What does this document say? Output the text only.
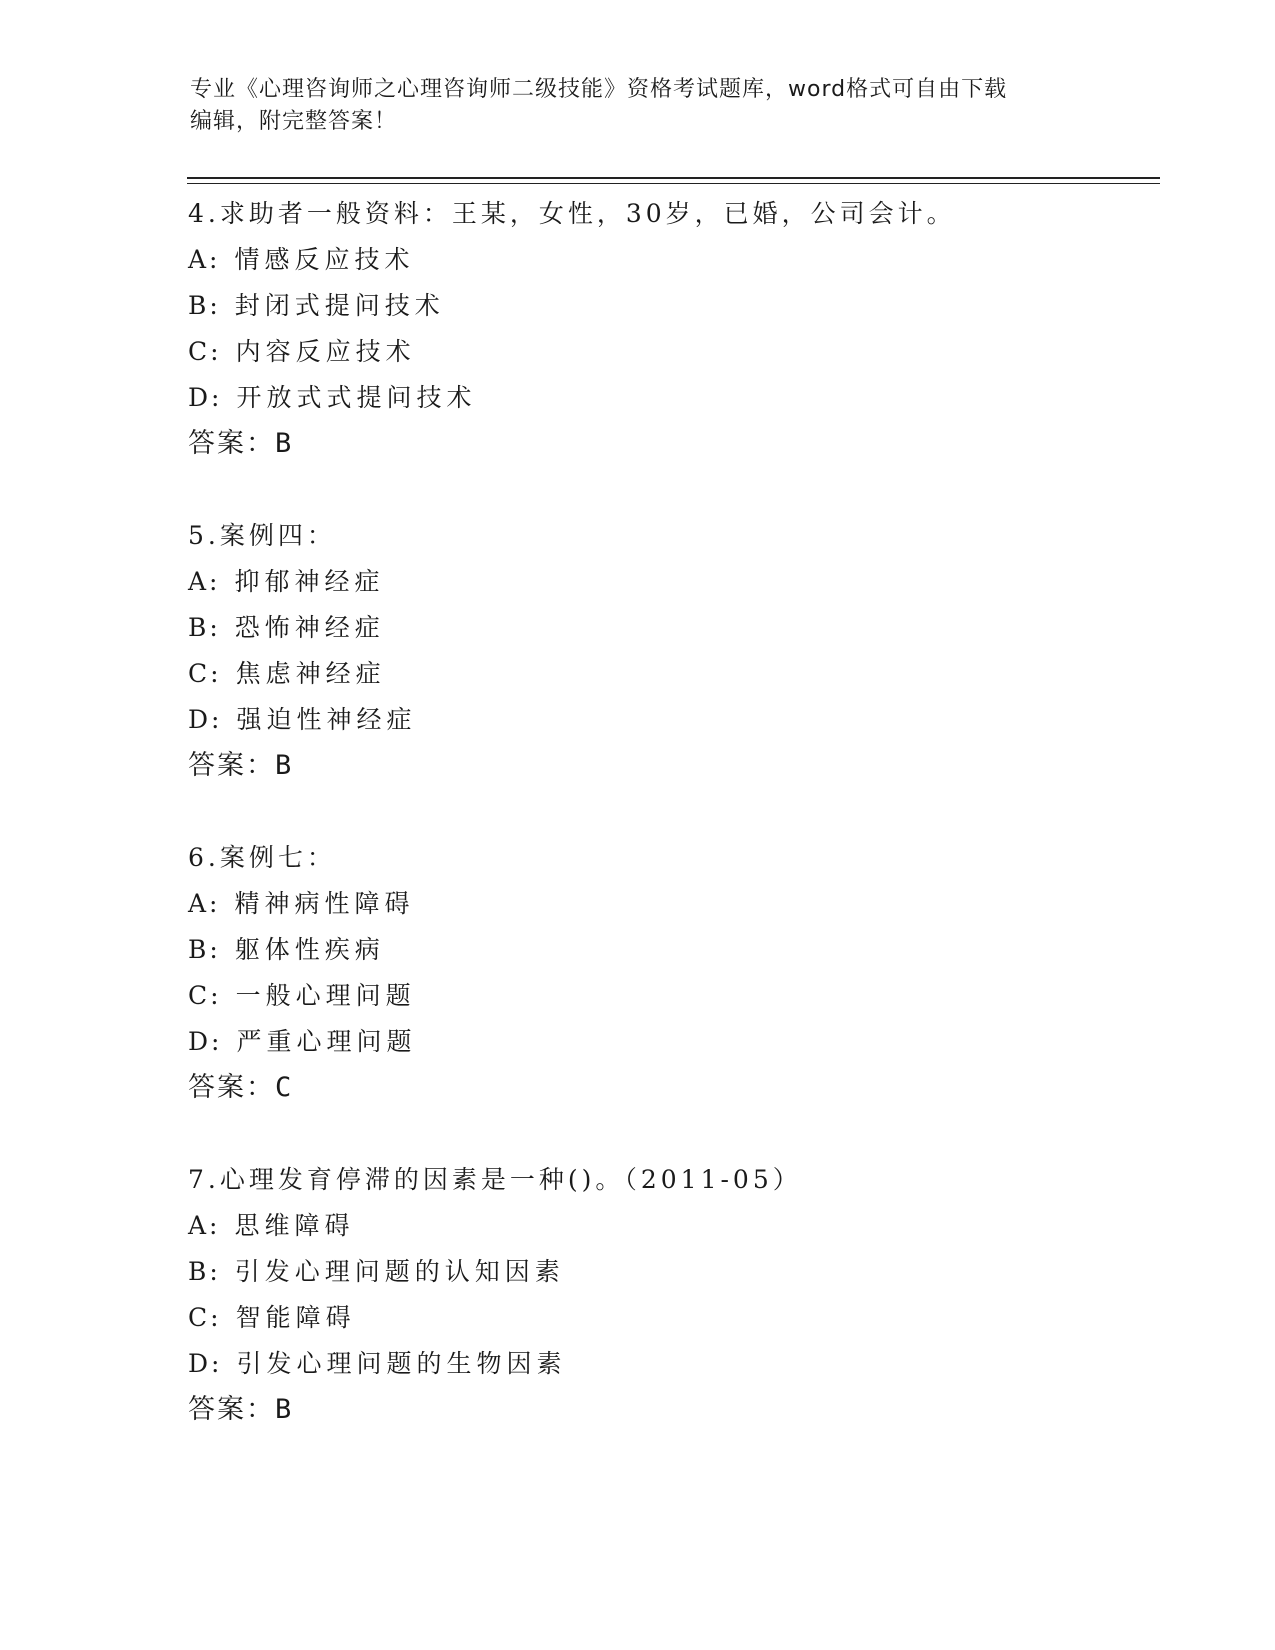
专业《心理咨询师之心理咨询师二级技能》资格考试题库，word格式可自由下载
编辑，附完整答案！
4.求助者一般资料：王某，女性，30岁，已婚，公司会计。
A: 情感反应技术
B: 封闭式提问技术
C: 内容反应技术
D: 开放式式提问技术
答案：B
5.案例四：
A: 抑郁神经症
B: 恐怖神经症
C: 焦虑神经症
D: 强迫性神经症
答案：B
6.案例七：
A: 精神病性障碍
B: 躯体性疾病
C: 一般心理问题
D: 严重心理问题
答案：C
7.心理发育停滞的因素是一种()。（2011-05）
A: 思维障碍
B: 引发心理问题的认知因素
C: 智能障碍
D: 引发心理问题的生物因素
答案：B
